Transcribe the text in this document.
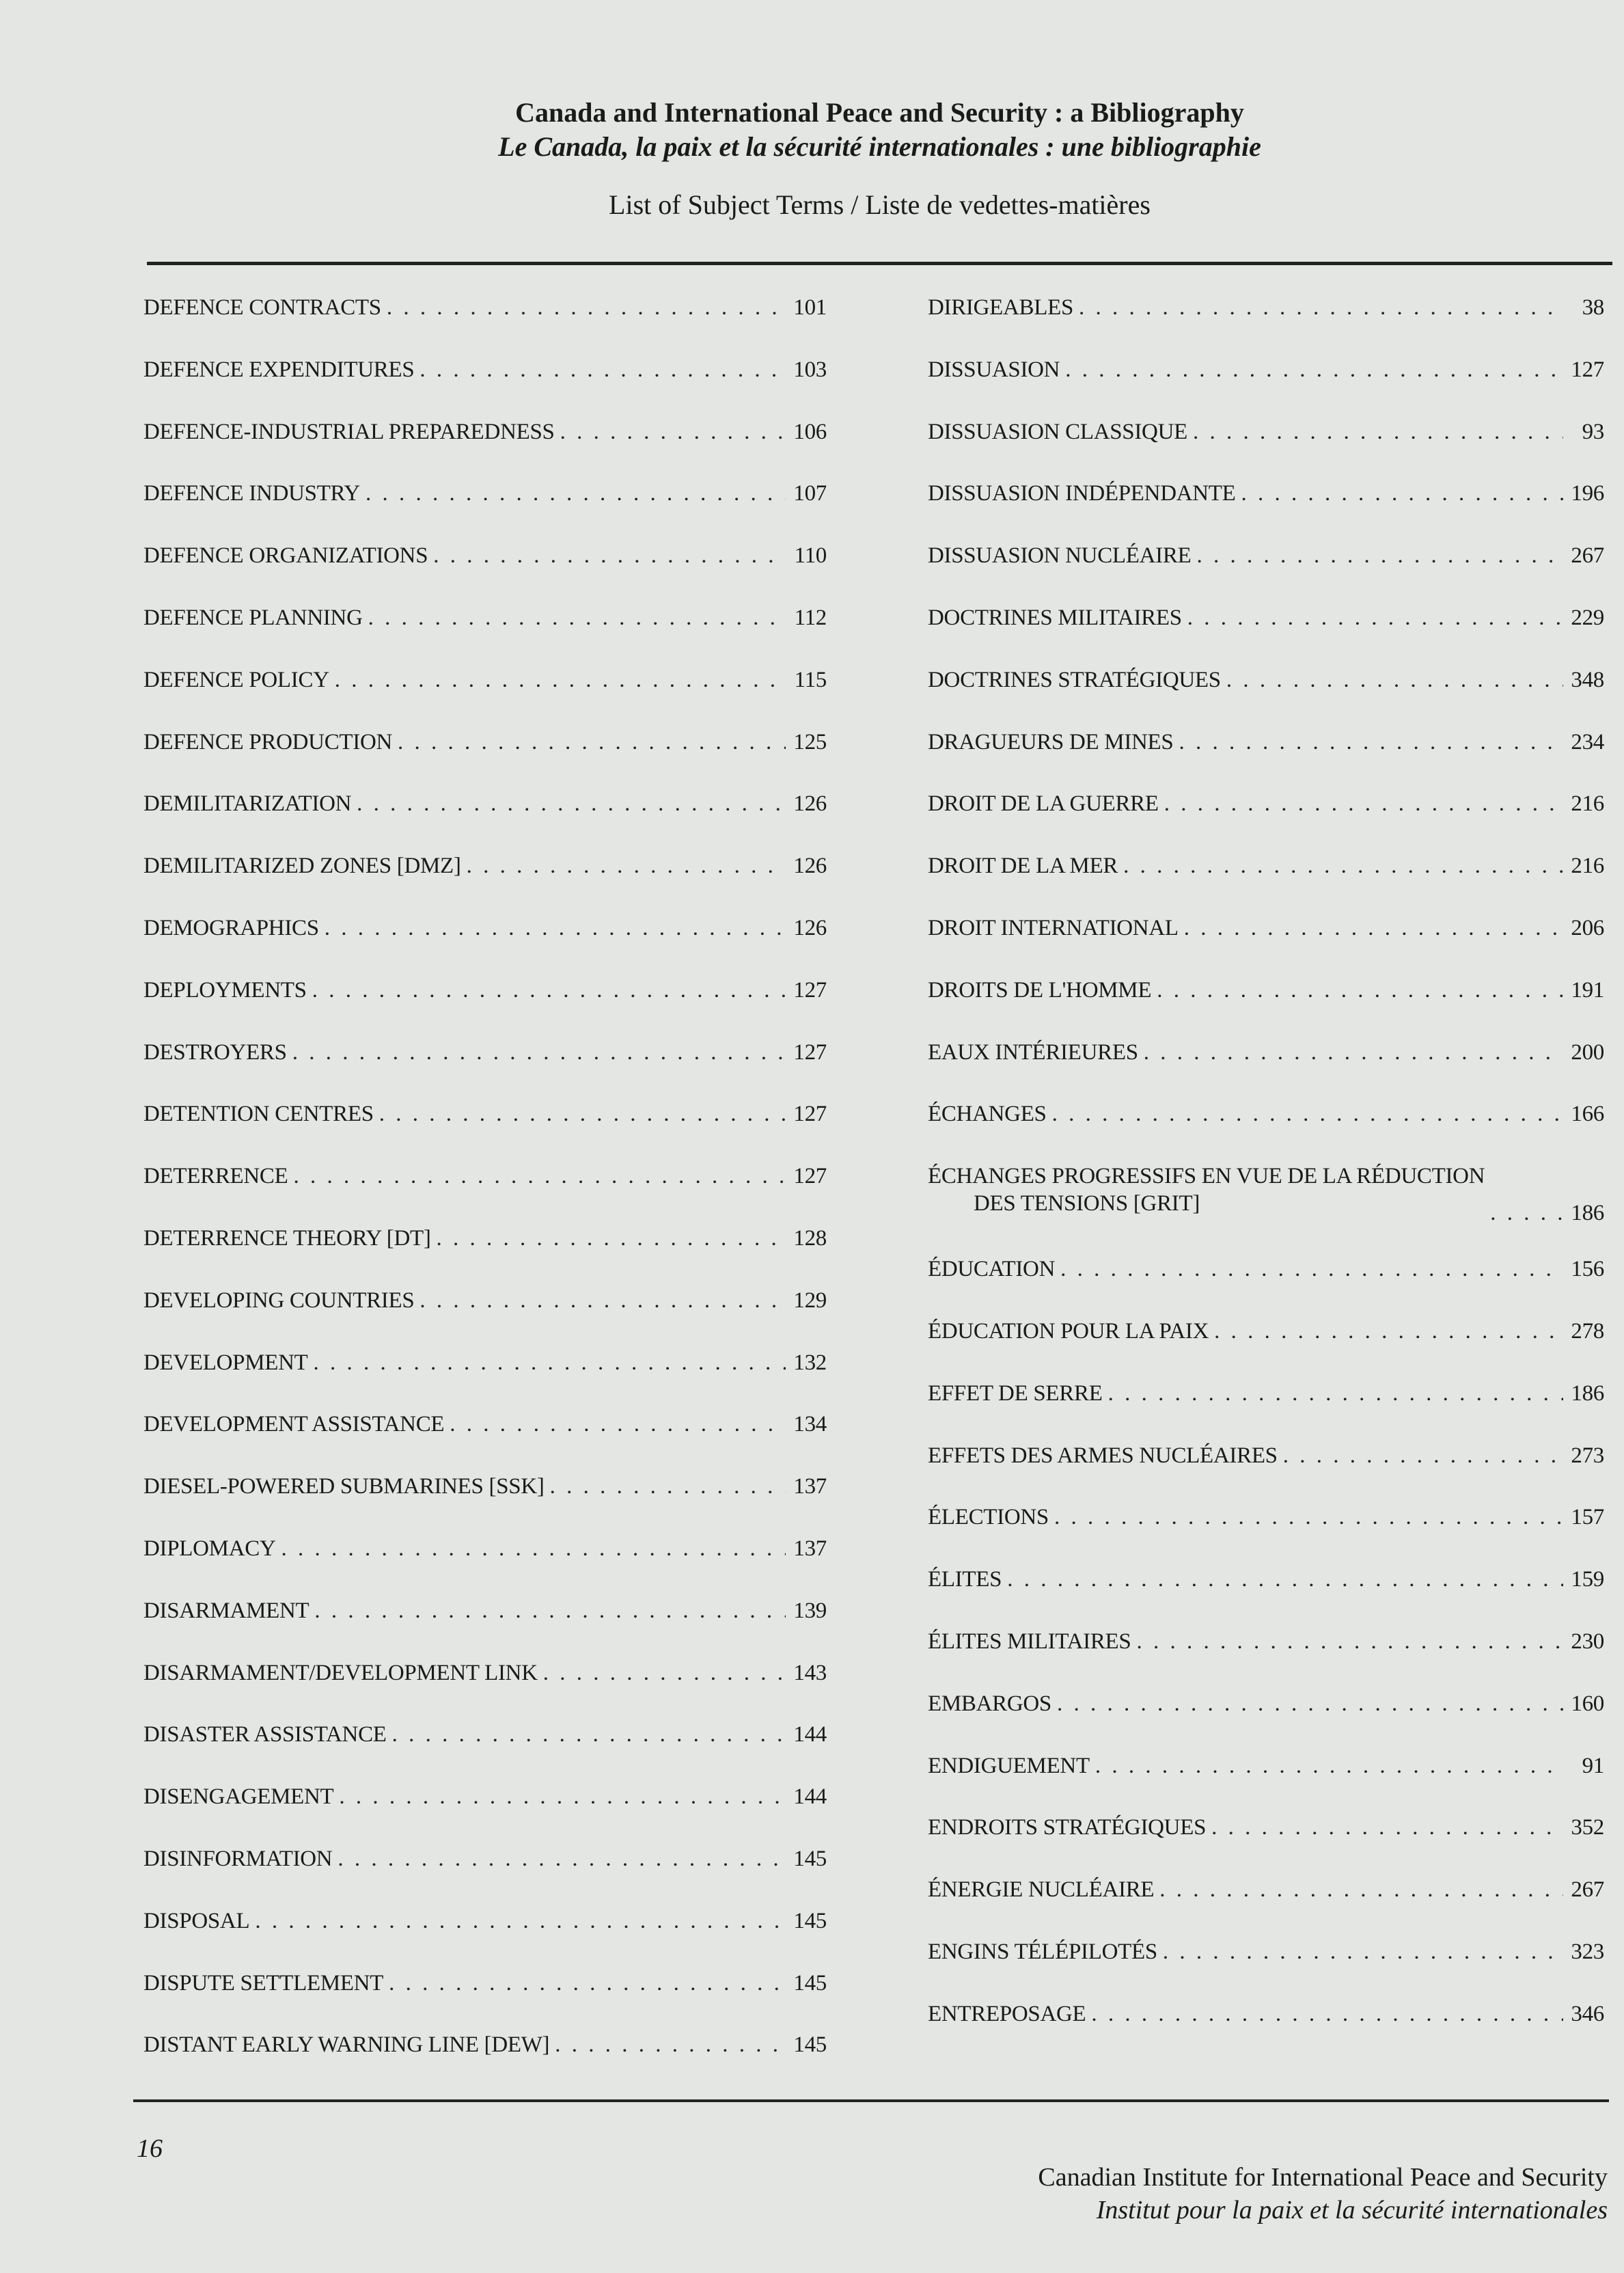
Canada and International Peace and Security : a Bibliography
Le Canada, la paix et la sécurité internationales : une bibliographie
List of Subject Terms / Liste de vedettes-matières
DEFENCE CONTRACTS . . .	101
DEFENCE EXPENDITURES . . .	103
DEFENCE-INDUSTRIAL PREPAREDNESS . . .	106
DEFENCE INDUSTRY . . .	107
DEFENCE ORGANIZATIONS . . .	110
DEFENCE PLANNING . . .	112
DEFENCE POLICY . . .	115
DEFENCE PRODUCTION . . .	125
DEMILITARIZATION . . .	126
DEMILITARIZED ZONES [DMZ] . . .	126
DEMOGRAPHICS . . .	126
DEPLOYMENTS . . .	127
DESTROYERS . . .	127
DETENTION CENTRES . . .	127
DETERRENCE . . .	127
DETERRENCE THEORY [DT] . . .	128
DEVELOPING COUNTRIES . . .	129
DEVELOPMENT . . .	132
DEVELOPMENT ASSISTANCE . . .	134
DIESEL-POWERED SUBMARINES [SSK] . . .	137
DIPLOMACY . . .	137
DISARMAMENT . . .	139
DISARMAMENT/DEVELOPMENT LINK . . .	143
DISASTER ASSISTANCE . . .	144
DISENGAGEMENT . . .	144
DISINFORMATION . . .	145
DISPOSAL . . .	145
DISPUTE SETTLEMENT . . .	145
DISTANT EARLY WARNING LINE [DEW] . . .	145
DIRIGEABLES . . .	38
DISSUASION . . .	127
DISSUASION CLASSIQUE . . .	93
DISSUASION INDÉPENDANTE . . .	196
DISSUASION NUCLÉAIRE . . .	267
DOCTRINES MILITAIRES . . .	229
DOCTRINES STRATÉGIQUES . . .	348
DRAGUEURS DE MINES . . .	234
DROIT DE LA GUERRE . . .	216
DROIT DE LA MER . . .	216
DROIT INTERNATIONAL . . .	206
DROITS DE L'HOMME . . .	191
EAUX INTÉRIEURES . . .	200
ÉCHANGES . . .	166
ÉCHANGES PROGRESSIFS EN VUE DE LA RÉDUCTION
DES TENSIONS [GRIT] . . .	186
ÉDUCATION . . .	156
ÉDUCATION POUR LA PAIX . . .	278
EFFET DE SERRE . . .	186
EFFETS DES ARMES NUCLÉAIRES . . .	273
ÉLECTIONS . . .	157
ÉLITES . . .	159
ÉLITES MILITAIRES . . .	230
EMBARGOS . . .	160
ENDIGUEMENT . . .	91
ENDROITS STRATÉGIQUES . . .	352
ÉNERGIE NUCLÉAIRE . . .	267
ENGINS TÉLÉPILOTÉS . . .	323
ENTREPOSAGE . . .	346
16
Canadian Institute for International Peace and Security
Institut pour la paix et la sécurité internationales
